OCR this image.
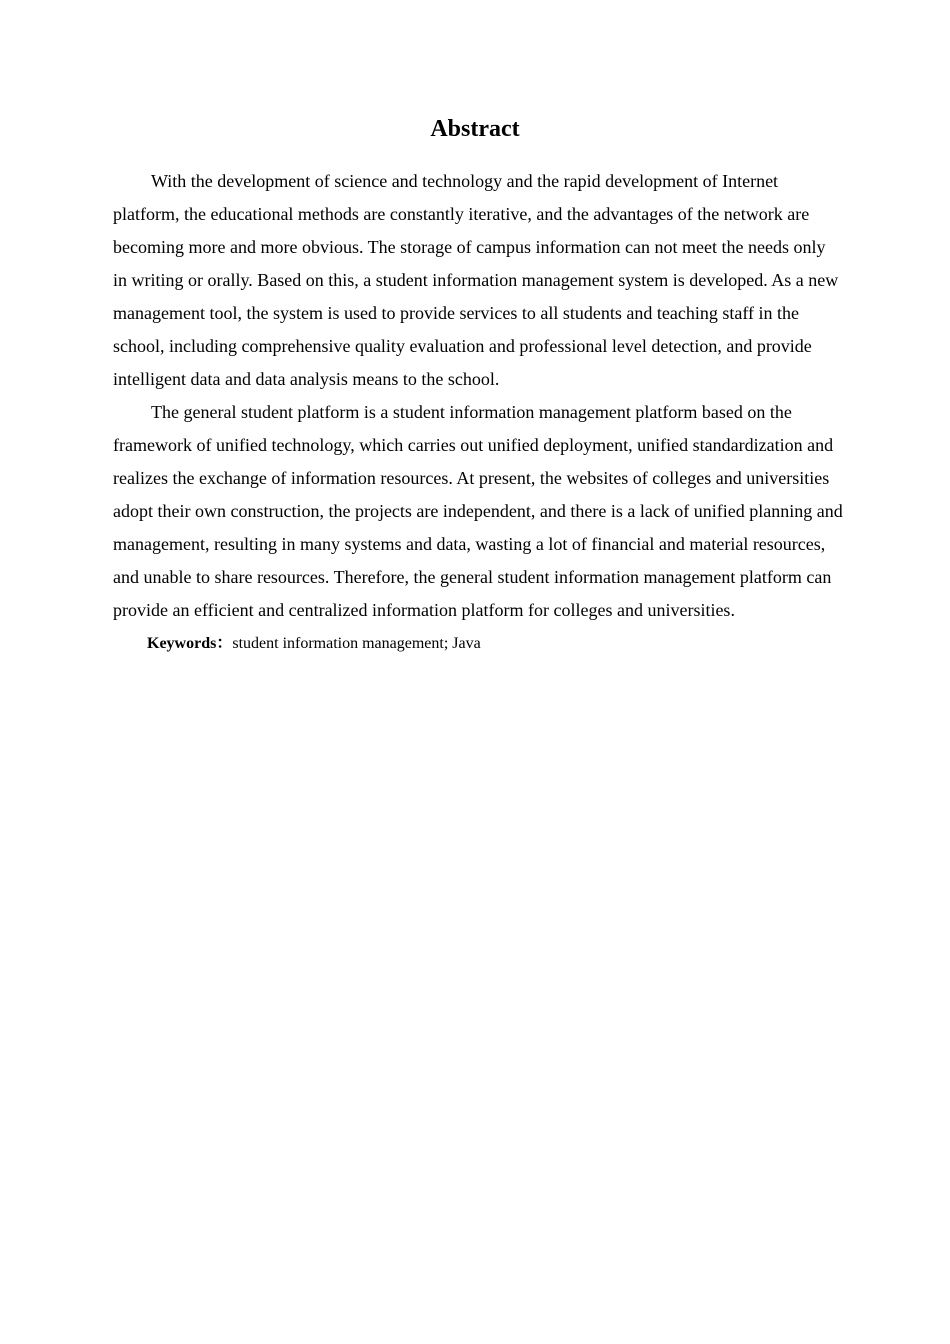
Abstract

With the development of science and technology and the rapid development of Internet platform, the educational methods are constantly iterative, and the advantages of the network are becoming more and more obvious. The storage of campus information can not meet the needs only in writing or orally. Based on this, a student information management system is developed. As a new management tool, the system is used to provide services to all students and teaching staff in the school, including comprehensive quality evaluation and professional level detection, and provide intelligent data and data analysis means to the school.

The general student platform is a student information management platform based on the framework of unified technology, which carries out unified deployment, unified standardization and realizes the exchange of information resources. At present, the websites of colleges and universities adopt their own construction, the projects are independent, and there is a lack of unified planning and management, resulting in many systems and data, wasting a lot of financial and material resources, and unable to share resources. Therefore, the general student information management platform can provide an efficient and centralized information platform for colleges and universities.

Keywords：student information management; Java
